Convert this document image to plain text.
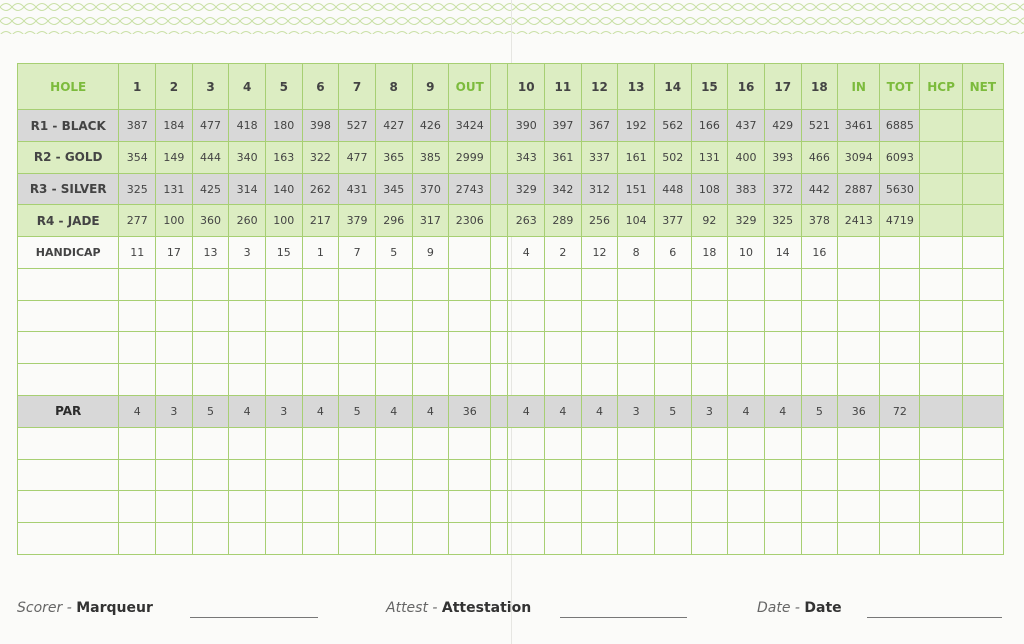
HOLE	1	2	3	4	5	6	7	8	9	OUT		10	11	12	13	14	15	16	17	18	IN	TOT	HCP	NET
R1 - BLACK	387	184	477	418	180	398	527	427	426	3424		390	397	367	192	562	166	437	429	521	3461	6885		
R2 - GOLD	354	149	444	340	163	322	477	365	385	2999		343	361	337	161	502	131	400	393	466	3094	6093		
R3 - SILVER	325	131	425	314	140	262	431	345	370	2743		329	342	312	151	448	108	383	372	442	2887	5630		
R4 - JADE	277	100	360	260	100	217	379	296	317	2306		263	289	256	104	377	92	329	325	378	2413	4719		
HANDICAP	11	17	13	3	15	1	7	5	9			4	2	12	8	6	18	10	14	16				

PAR	4	3	5	4	3	4	5	4	4	36		4	4	4	3	5	3	4	4	5	36	72		

Scorer - Marqueur	Attest - Attestation	Date - Date
